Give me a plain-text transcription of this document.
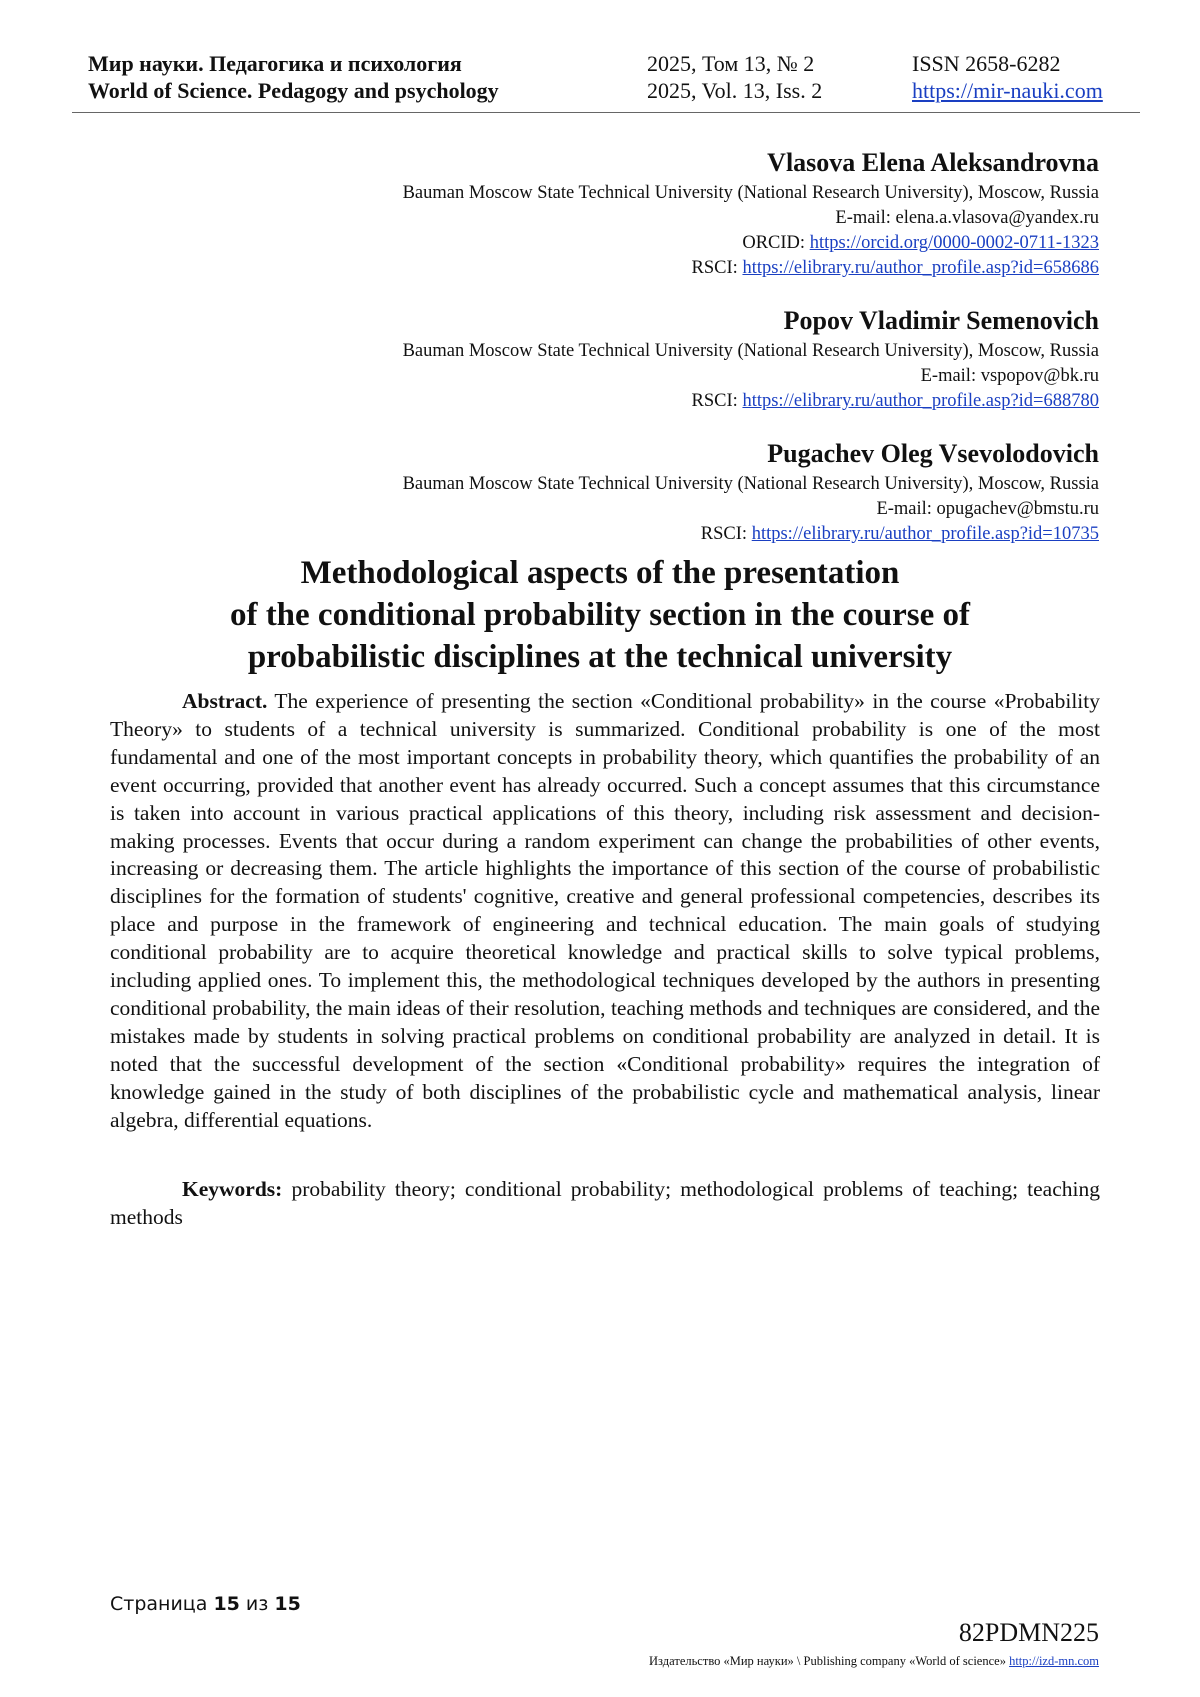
Мир науки. Педагогика и психология
World of Science. Pedagogy and psychology
2025, Том 13, № 2
2025, Vol. 13, Iss. 2
ISSN 2658-6282
https://mir-nauki.com
Vlasova Elena Aleksandrovna
Bauman Moscow State Technical University (National Research University), Moscow, Russia
E-mail: elena.a.vlasova@yandex.ru
ORCID: https://orcid.org/0000-0002-0711-1323
RSCI: https://elibrary.ru/author_profile.asp?id=658686
Popov Vladimir Semenovich
Bauman Moscow State Technical University (National Research University), Moscow, Russia
E-mail: vspopov@bk.ru
RSCI: https://elibrary.ru/author_profile.asp?id=688780
Pugachev Oleg Vsevolodovich
Bauman Moscow State Technical University (National Research University), Moscow, Russia
E-mail: opugachev@bmstu.ru
RSCI: https://elibrary.ru/author_profile.asp?id=10735
Methodological aspects of the presentation
of the conditional probability section in the course of
probabilistic disciplines at the technical university

Abstract. The experience of presenting the section «Conditional probability» in the course «Probability Theory» to students of a technical university is summarized. Conditional probability is one of the most fundamental and one of the most important concepts in probability theory, which quantifies the probability of an event occurring, provided that another event has already occurred. Such a concept assumes that this circumstance is taken into account in various practical applications of this theory, including risk assessment and decision-making processes. Events that occur during a random experiment can change the probabilities of other events, increasing or decreasing them. The article highlights the importance of this section of the course of probabilistic disciplines for the formation of students' cognitive, creative and general professional competencies, describes its place and purpose in the framework of engineering and technical education. The main goals of studying conditional probability are to acquire theoretical knowledge and practical skills to solve typical problems, including applied ones. To implement this, the methodological techniques developed by the authors in presenting conditional probability, the main ideas of their resolution, teaching methods and techniques are considered, and the mistakes made by students in solving practical problems on conditional probability are analyzed in detail. It is noted that the successful development of the section «Conditional probability» requires the integration of knowledge gained in the study of both disciplines of the probabilistic cycle and mathematical analysis, linear algebra, differential equations.

Keywords: probability theory; conditional probability; methodological problems of teaching; teaching methods

Страница 15 из 15
82PDMN225
Издательство «Мир науки» \ Publishing company «World of science» http://izd-mn.com
